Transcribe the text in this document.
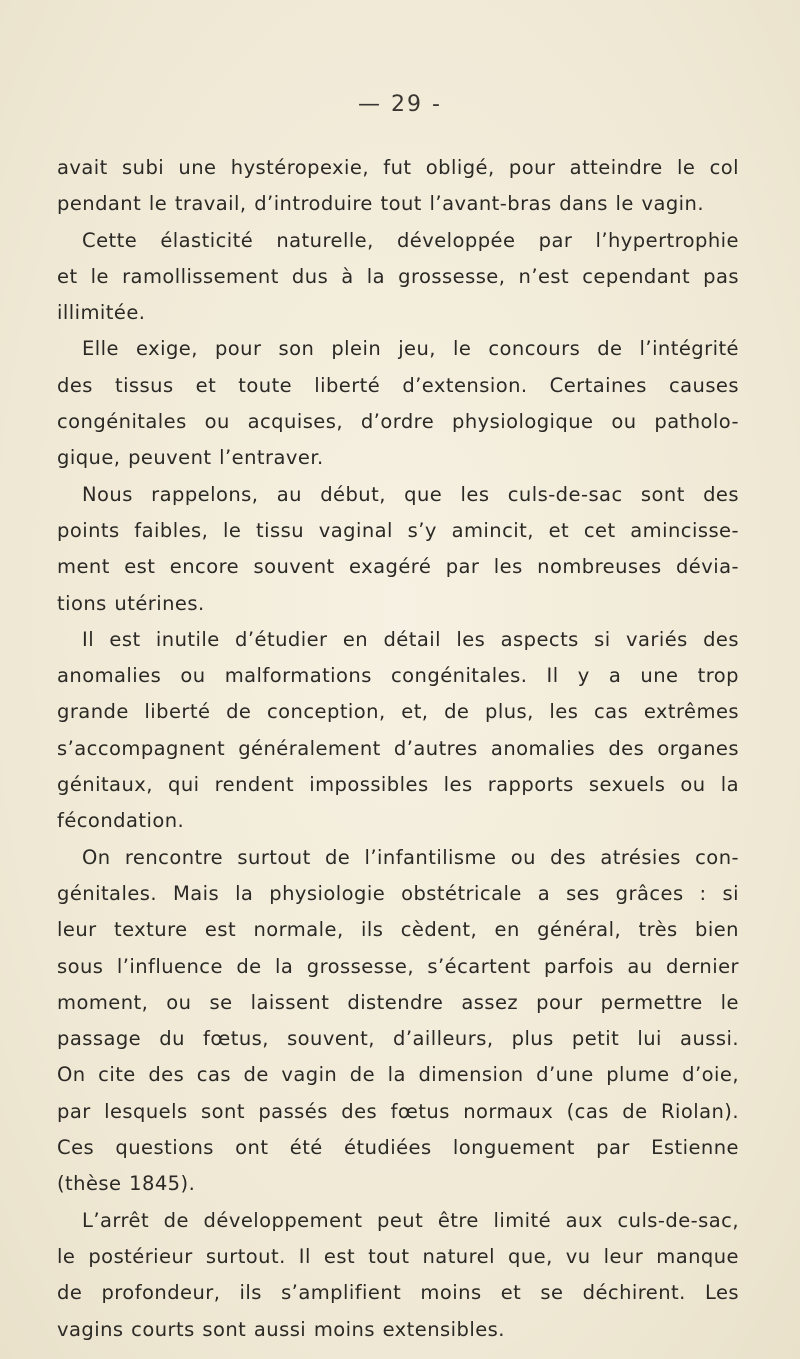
— 29 -
avait subi une hystéropexie, fut obligé, pour atteindre le col
pendant le travail, d’introduire tout l’avant-bras dans le vagin.
Cette élasticité naturelle, développée par l’hypertrophie
et le ramollissement dus à la grossesse, n’est cependant pas
illimitée.
Elle exige, pour son plein jeu, le concours de l’intégrité
des tissus et toute liberté d’extension. Certaines causes
congénitales ou acquises, d’ordre physiologique ou patholo-
gique, peuvent l’entraver.
Nous rappelons, au début, que les culs-de-sac sont des
points faibles, le tissu vaginal s’y amincit, et cet amincisse-
ment est encore souvent exagéré par les nombreuses dévia-
tions utérines.
Il est inutile d’étudier en détail les aspects si variés des
anomalies ou malformations congénitales. Il y a une trop
grande liberté de conception, et, de plus, les cas extrêmes
s’accompagnent généralement d’autres anomalies des organes
génitaux, qui rendent impossibles les rapports sexuels ou la
fécondation.
On rencontre surtout de l’infantilisme ou des atrésies con-
génitales. Mais la physiologie obstétricale a ses grâces : si
leur texture est normale, ils cèdent, en général, très bien
sous l’influence de la grossesse, s’écartent parfois au dernier
moment, ou se laissent distendre assez pour permettre le
passage du fœtus, souvent, d’ailleurs, plus petit lui aussi.
On cite des cas de vagin de la dimension d’une plume d’oie,
par lesquels sont passés des fœtus normaux (cas de Riolan).
Ces questions ont été étudiées longuement par Estienne
(thèse 1845).
L’arrêt de développement peut être limité aux culs-de-sac,
le postérieur surtout. Il est tout naturel que, vu leur manque
de profondeur, ils s’amplifient moins et se déchirent. Les
vagins courts sont aussi moins extensibles.
